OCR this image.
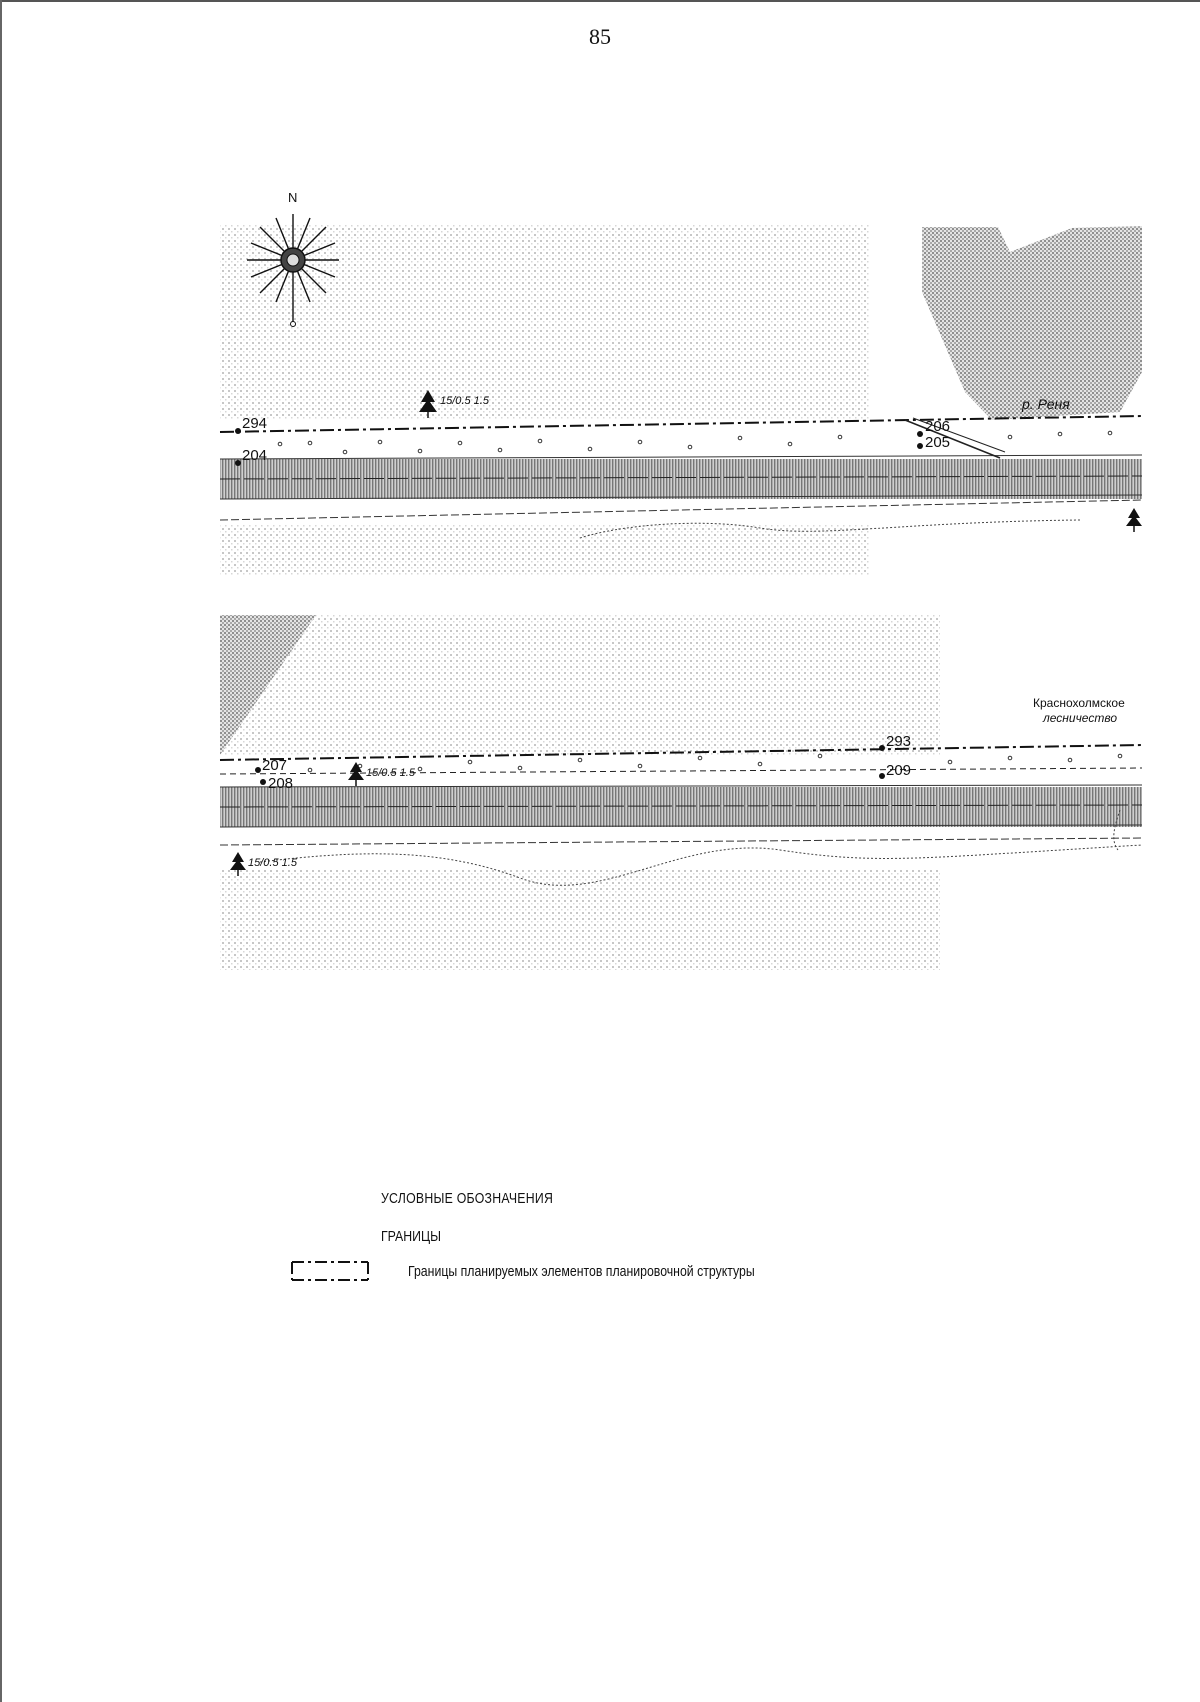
85
294
204
206
205
р. Реня
15/0.5 1.5
N
Краснохолмское
лесничество
207
208
293
209
15/0.5 1.5
15/0.5 1.5
УСЛОВНЫЕ ОБОЗНАЧЕНИЯ
ГРАНИЦЫ
Границы планируемых элементов планировочной структуры
